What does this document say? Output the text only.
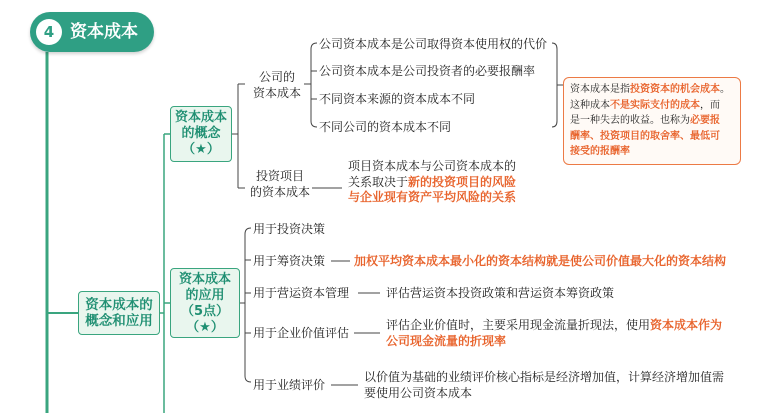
4 资本成本
资本成本的
概念和应用
资本成本
的概念
（★）
公司的
资本成本
公司资本成本是公司取得资本使用权的代价
公司资本成本是公司投资者的必要报酬率
不同资本来源的资本成本不同
不同公司的资本成本不同
资本成本是指投资资本的机会成本。
这种成本不是实际支付的成本，而
是一种失去的收益。也称为必要报
酬率、投资项目的取舍率、最低可
接受的报酬率
投资项目
的资本成本
项目资本成本与公司资本成本的
关系取决于新的投资项目的风险
与企业现有资产平均风险的关系
资本成本
的应用
（5点）
（★）
用于投资决策
用于筹资决策 加权平均资本成本最小化的资本结构就是使公司价值最大化的资本结构
用于营运资本管理	评估营运资本投资政策和营运资本筹资政策
用于企业价值评估
评估企业价值时，主要采用现金流量折现法，使用资本成本作为
公司现金流量的折现率
用于业绩评价
以价值为基础的业绩评价核心指标是经济增加值，计算经济增加值需
要使用公司资本成本
